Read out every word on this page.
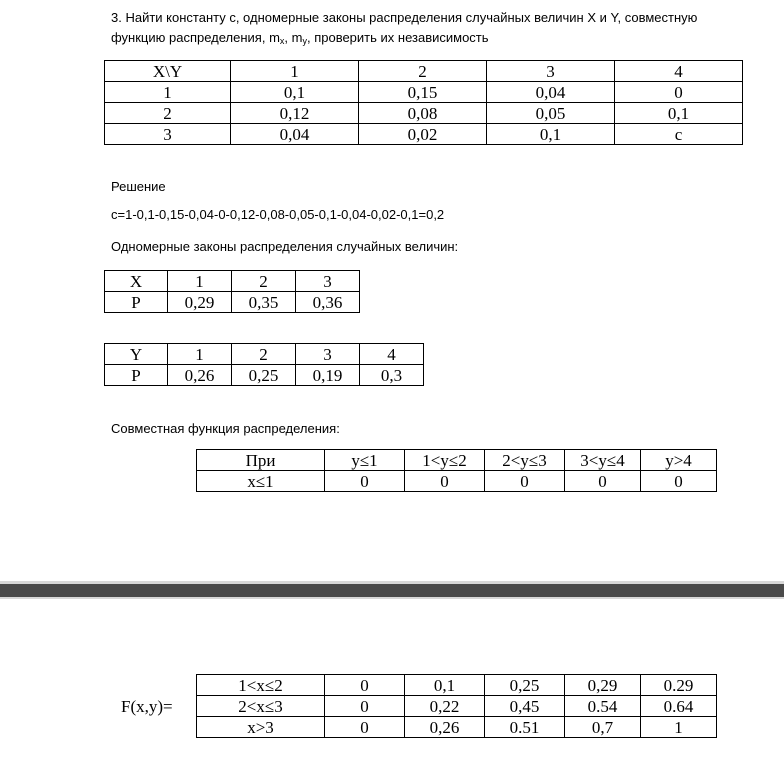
3. Найти константу с, одномерные законы распределения случайных величин X и Y, совместную
функцию распределения, $m_x$, $m_y$, проверить их независимость
X\Y	1	2	3	4
1	0,1	0,15	0,04	0
2	0,12	0,08	0,05	0,1
3	0,04	0,02	0,1	c
Решение
c=1-0,1-0,15-0,04-0-0,12-0,08-0,05-0,1-0,04-0,02-0,1=0,2
Одномерные законы распределения случайных величин:
X	1	2	3
P	0,29	0,35	0,36
Y	1	2	3	4
P	0,26	0,25	0,19	0,3
Совместная функция распределения:
При	y≤1	1<y≤2	2<y≤3	3<y≤4	y>4
x≤1	0	0	0	0	0
F(x,y)=
1<x≤2	0	0,1	0,25	0,29	0.29
2<x≤3	0	0,22	0,45	0.54	0.64
x>3	0	0,26	0.51	0,7	1
